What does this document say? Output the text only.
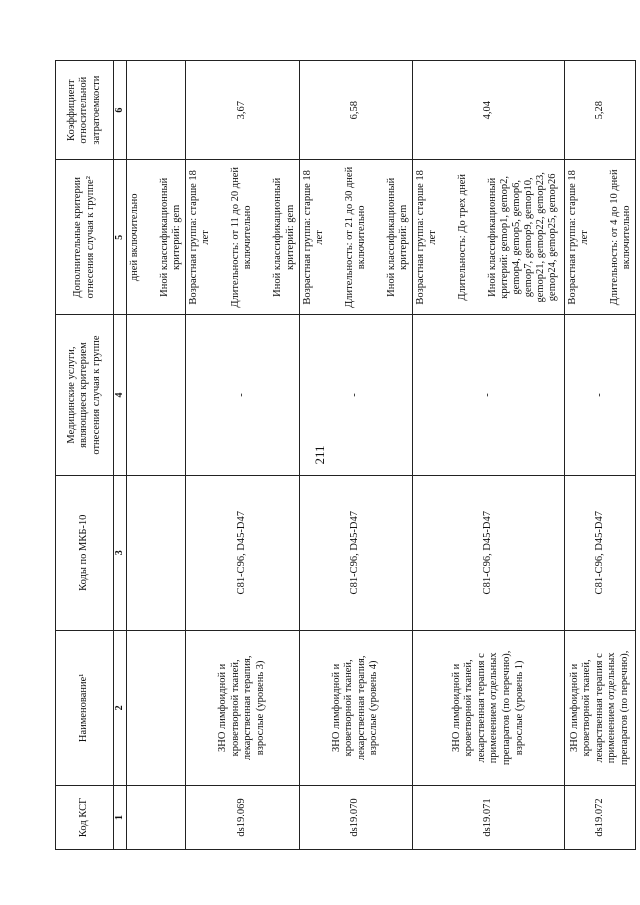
211
Код КСГ	Наименование¹	Коды по МКБ-10	Медицинские услуги, являющиеся критерием отнесения случая к группе	Дополнительные критерии отнесения случая к группе²	Коэффициент относительной затратоемкости
1	2	3	4	5	6

				дней включительно Иной классификационный критерий: gem	

ds19.069	ЗНО лимфоидной и кроветворной тканей, лекарственная терапия, взрослые (уровень 3)	C81-C96, D45-D47	-	Возрастная группа: старше 18 лет Длительность: от 11 до 20 дней включительно Иной классификационный критерий: gem	3,67
ds19.070	ЗНО лимфоидной и кроветворной тканей, лекарственная терапия, взрослые (уровень 4)	C81-C96, D45-D47	-	Возрастная группа: старше 18 лет Длительность: от 21 до 30 дней включительно Иной классификационный критерий: gem	6,58
ds19.071	ЗНО лимфоидной и кроветворной тканей, лекарственная терапия с применением отдельных препаратов (по перечню), взрослые (уровень 1)	C81-C96, D45-D47	-	Возрастная группа: старше 18 лет Длительность: До трех дней Иной классификационный критерий: gemop1, gemop2, gemop4, gemop5, gemop6, gemop7, gemop9, gemop10, gemop21, gemop22, gemop23, gemop24, gemop25, gemop26	4,04
ds19.072	ЗНО лимфоидной и кроветворной тканей, лекарственная терапия с применением отдельных препаратов (по перечню),	C81-C96, D45-D47	-	Возрастная группа: старше 18 лет Длительность: от 4 до 10 дней включительно	5,28
